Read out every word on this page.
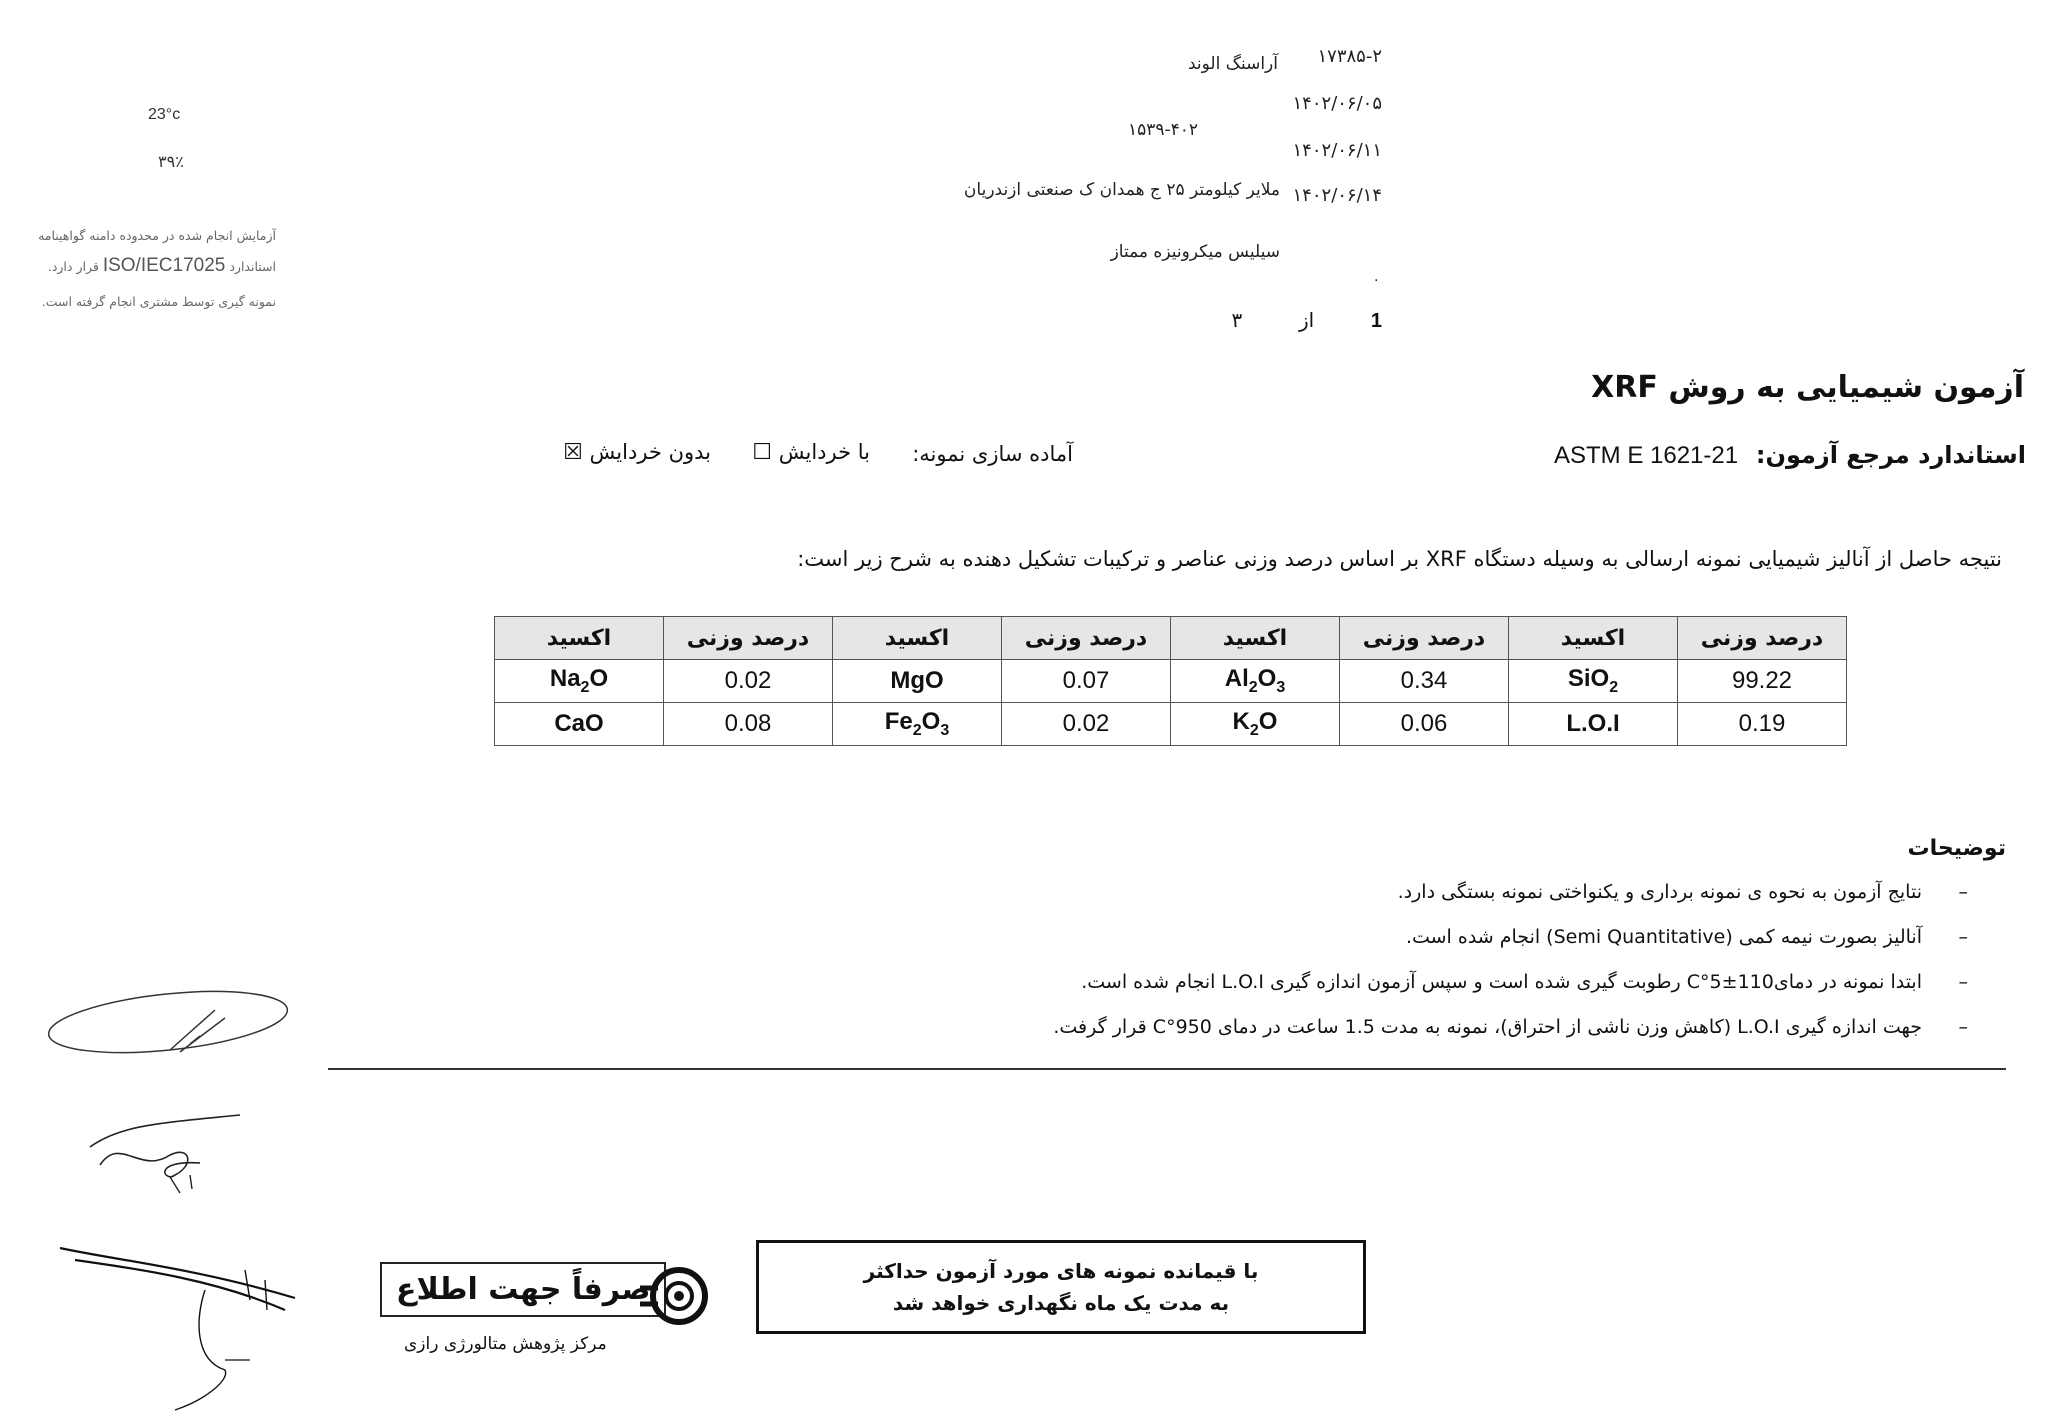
۱۷۳۸۵-۲
۱۴۰۲/۰۶/۰۵
۱۴۰۲/۰۶/۱۱
۱۴۰۲/۰۶/۱۴
۰
1  از  ۳
آراسنگ الوند
۱۵۳۹-۴۰۲
ملایر کیلومتر ۲۵ ج همدان ک صنعتی ازندریان
سیلیس میکرونیزه ممتاز
23°c
۳۹٪
آزمایش انجام شده در محدوده دامنه گواهینامه
استاندارد ISO/IEC17025 قرار دارد.
نمونه گیری توسط مشتری انجام گرفته است.
آزمون شیمیایی به روش XRF
استاندارد مرجع آزمون:
ASTM E 1621-21
آماده سازی نمونه:
با خردایش ☐
بدون خردایش ☒
نتیجه حاصل از آنالیز شیمیایی نمونه ارسالی به وسیله دستگاه XRF بر اساس درصد وزنی عناصر و ترکیبات تشکیل دهنده به شرح زیر است:
درصد وزنی	اکسید	درصد وزنی	اکسید	درصد وزنی	اکسید	درصد وزنی	اکسید
99.22	SiO$_2$	0.34	$Al_2O_3$	0.07	MgO	0.02	$Na_2O$
0.19	L.O.I	0.06	$K_2O$	0.02	$Fe_2O_3$	0.08	CaO
توضیحات
– نتایج آزمون به نحوه ی نمونه برداری و یکنواختی نمونه بستگی دارد.
– آنالیز بصورت نیمه کمی (Semi Quantitative) انجام شده است.
– ابتدا نمونه در دمای110±5°C رطوبت گیری شده است و سپس آزمون اندازه گیری L.O.I انجام شده است.
– جهت اندازه گیری L.O.I (کاهش وزن ناشی از احتراق)، نمونه به مدت 1.5 ساعت در دمای 950°C قرار گرفت.
صرفاً جهت اطلاع
مرکز پژوهش متالورژی رازی
با قیمانده نمونه های مورد آزمون حداکثر
به مدت یک ماه نگهداری خواهد شد
